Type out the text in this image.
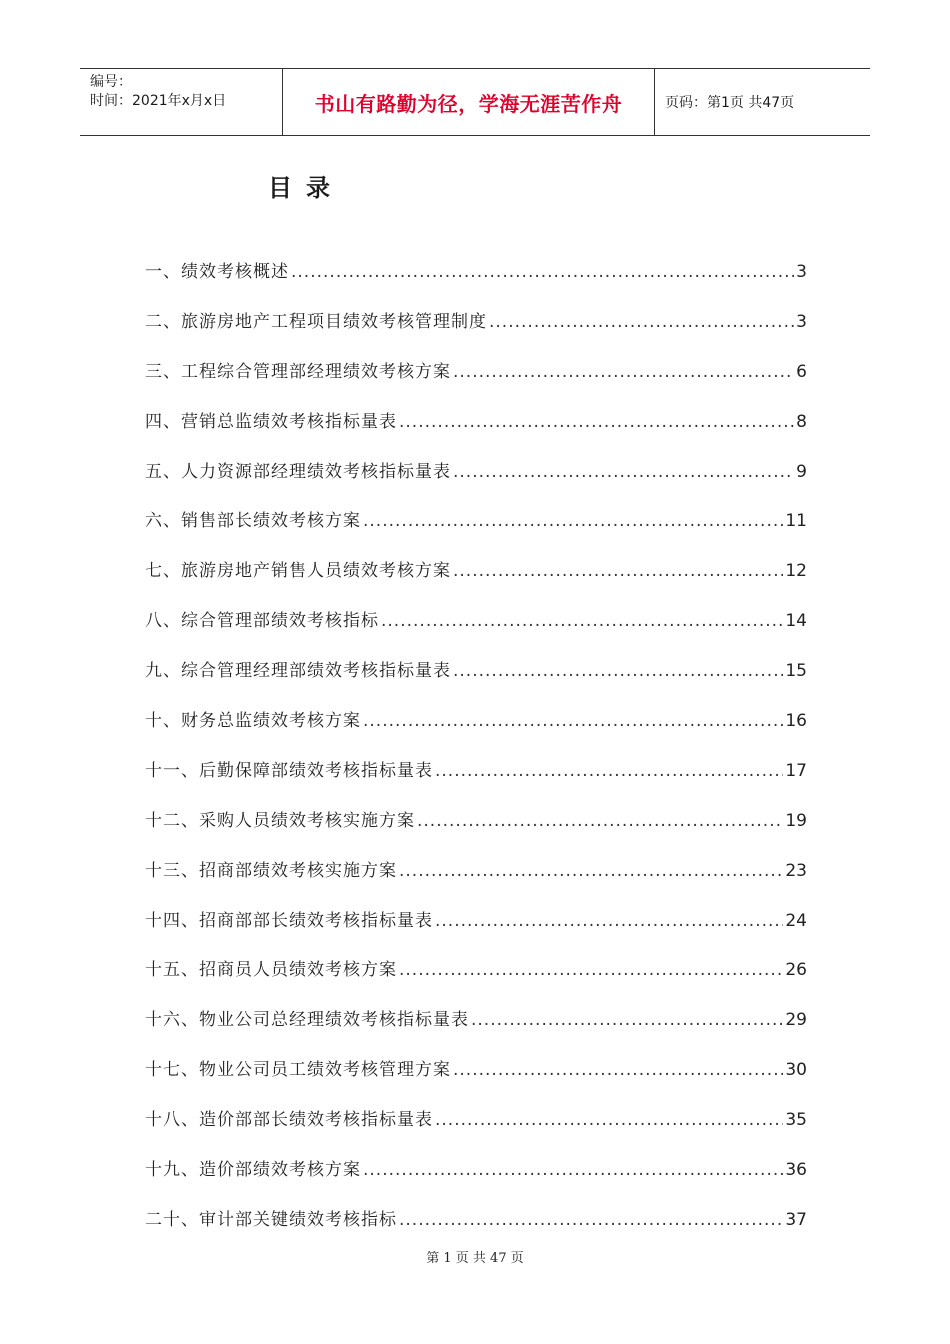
编号：
时间：2021年x月x日	书山有路勤为径，学海无涯苦作舟	页码：第1页 共47页
目录
一、绩效考核概述 .....	3
二、旅游房地产工程项目绩效考核管理制度 .....	3
三、工程综合管理部经理绩效考核方案 .....	6
四、营销总监绩效考核指标量表 .....	8
五、人力资源部经理绩效考核指标量表 .....	9
六、销售部长绩效考核方案 .....	11
七、旅游房地产销售人员绩效考核方案 .....	12
八、综合管理部绩效考核指标 .....	14
九、综合管理经理部绩效考核指标量表 .....	15
十、财务总监绩效考核方案 .....	16
十一、后勤保障部绩效考核指标量表 .....	17
十二、采购人员绩效考核实施方案 .....	19
十三、招商部绩效考核实施方案 .....	23
十四、招商部部长绩效考核指标量表 .....	24
十五、招商员人员绩效考核方案 .....	26
十六、物业公司总经理绩效考核指标量表 .....	29
十七、物业公司员工绩效考核管理方案 .....	30
十八、造价部部长绩效考核指标量表 .....	35
十九、造价部绩效考核方案 .....	36
二十、审计部关键绩效考核指标 .....	37
第 1 页 共 47 页
